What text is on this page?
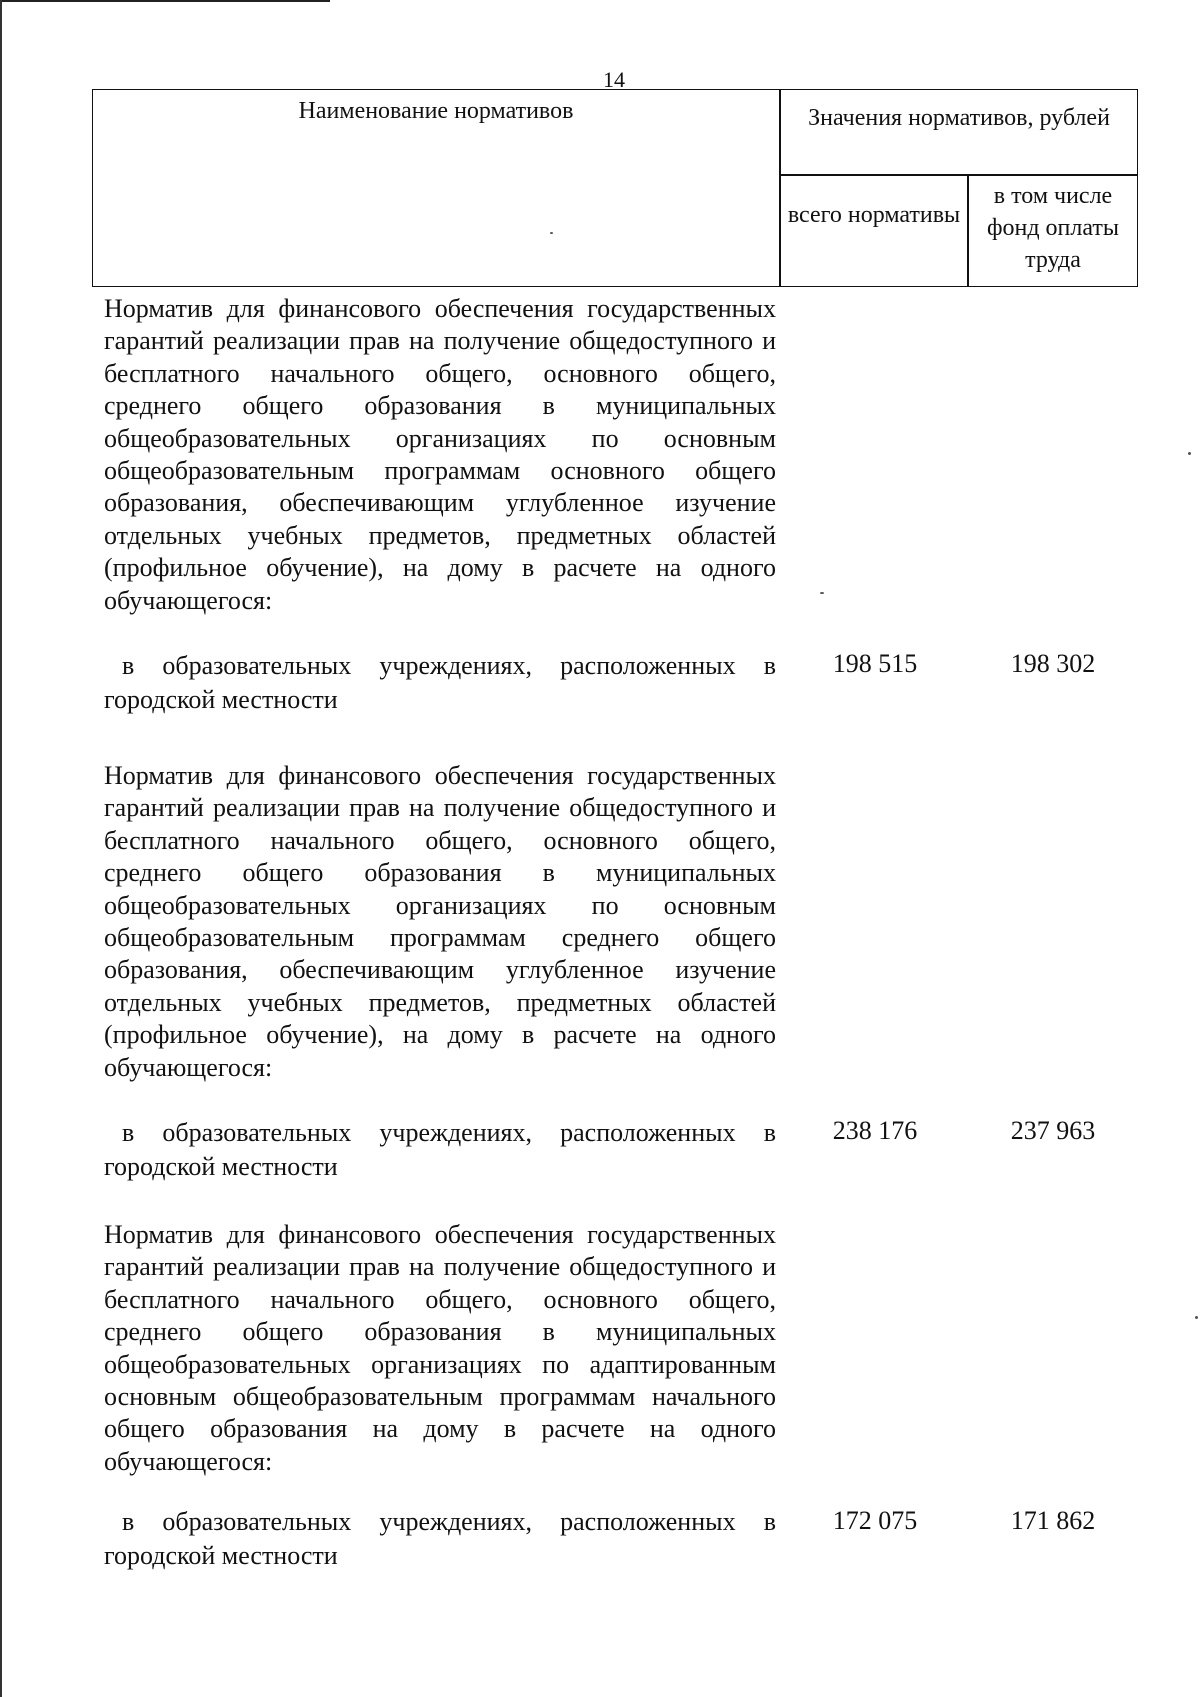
14
Наименование нормативов	Значения нормативов, рублей
всего нормативы
в том числе фонд оплаты труда
Норматив для финансового обеспечения государственных гарантий реализации прав на получение общедоступного и бесплатного начального общего, основного общего, среднего общего образования в муниципальных общеобразовательных организациях по основным общеобразовательным программам основного общего образования, обеспечивающим углубленное изучение отдельных учебных предметов, предметных областей (профильное обучение), на дому в расчете на одного обучающегося:
в образовательных учреждениях, расположенных в городской местности
198 515	198 302
Норматив для финансового обеспечения государственных гарантий реализации прав на получение общедоступного и бесплатного начального общего, основного общего, среднего общего образования в муниципальных общеобразовательных организациях по основным общеобразовательным программам среднего общего образования, обеспечивающим углубленное изучение отдельных учебных предметов, предметных областей (профильное обучение), на дому в расчете на одного обучающегося:
в образовательных учреждениях, расположенных в городской местности
238 176	237 963
Норматив для финансового обеспечения государственных гарантий реализации прав на получение общедоступного и бесплатного начального общего, основного общего, среднего общего образования в муниципальных общеобразовательных организациях по адаптированным основным общеобразовательным программам начального общего образования на дому в расчете на одного обучающегося:
в образовательных учреждениях, расположенных в городской местности
172 075	171 862
